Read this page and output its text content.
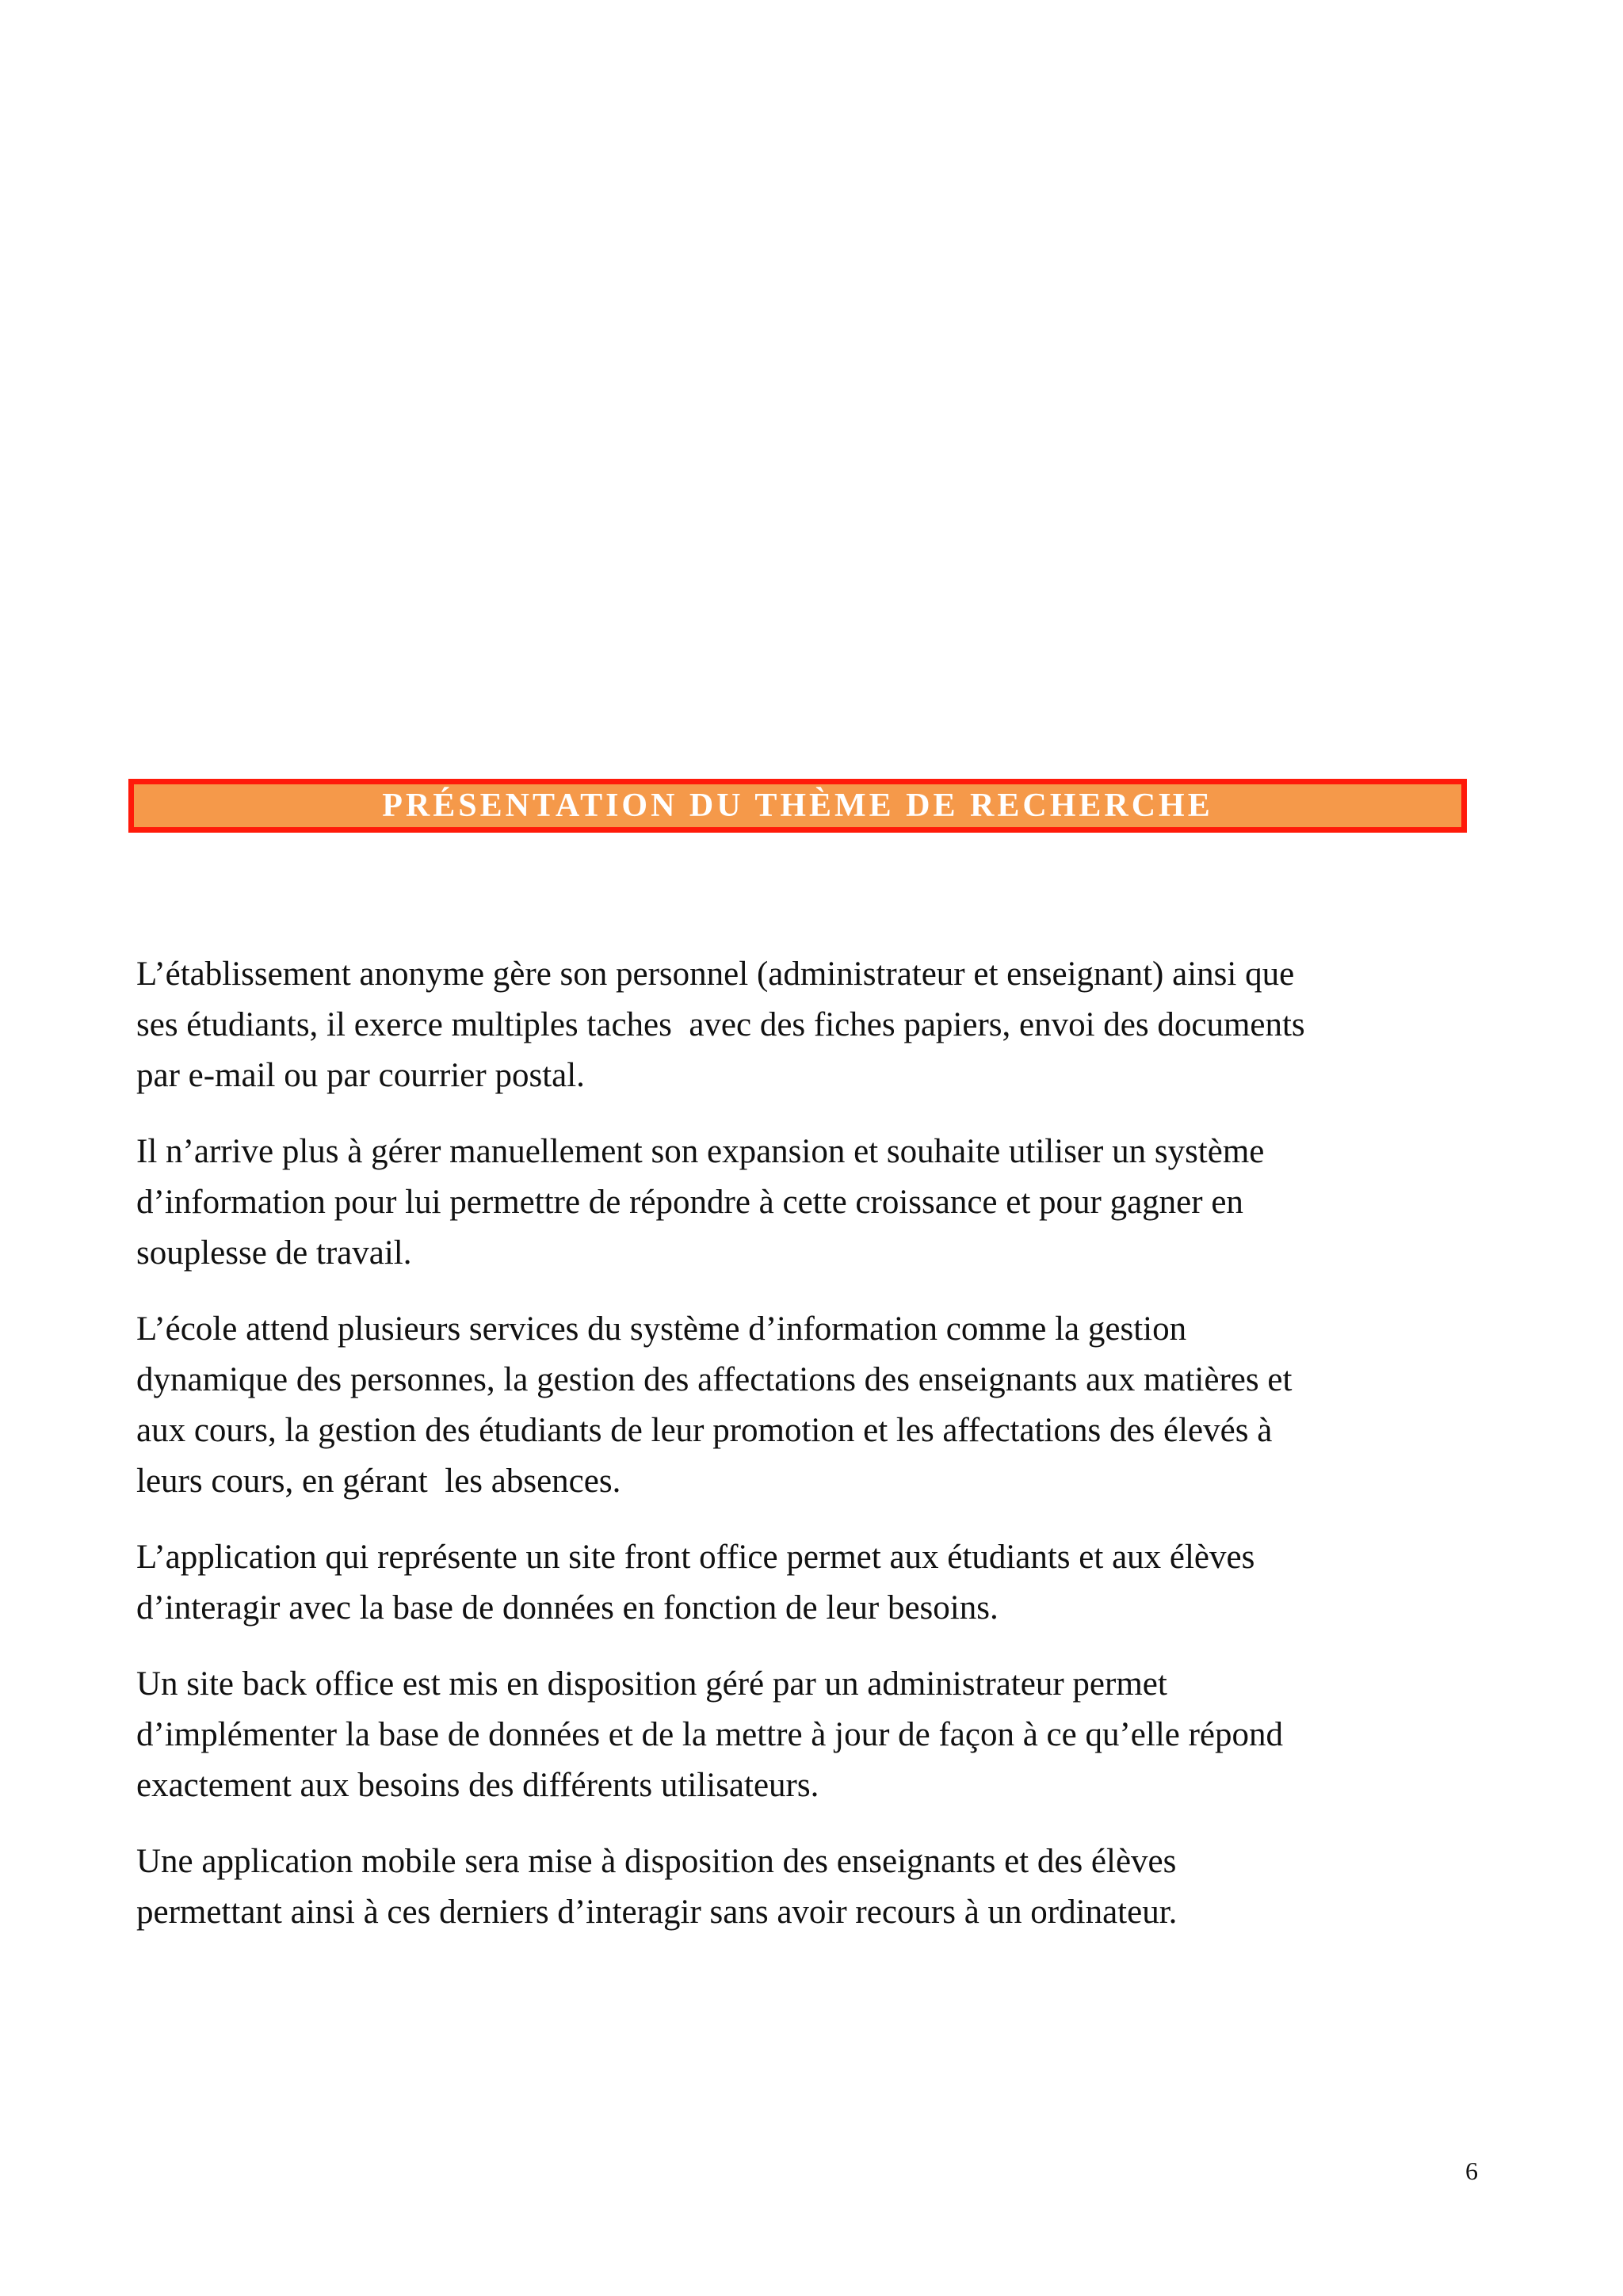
PRÉSENTATION DU THÈME DE RECHERCHE

L’établissement anonyme gère son personnel (administrateur et enseignant) ainsi que
ses étudiants, il exerce multiples taches  avec des fiches papiers, envoi des documents
par e-mail ou par courrier postal.

Il n’arrive plus à gérer manuellement son expansion et souhaite utiliser un système
d’information pour lui permettre de répondre à cette croissance et pour gagner en
souplesse de travail.

L’école attend plusieurs services du système d’information comme la gestion
dynamique des personnes, la gestion des affectations des enseignants aux matières et
aux cours, la gestion des étudiants de leur promotion et les affectations des élevés à
leurs cours, en gérant  les absences.

L’application qui représente un site front office permet aux étudiants et aux élèves
d’interagir avec la base de données en fonction de leur besoins.

Un site back office est mis en disposition géré par un administrateur permet
d’implémenter la base de données et de la mettre à jour de façon à ce qu’elle répond
exactement aux besoins des différents utilisateurs.

Une application mobile sera mise à disposition des enseignants et des élèves
permettant ainsi à ces derniers d’interagir sans avoir recours à un ordinateur.

6
